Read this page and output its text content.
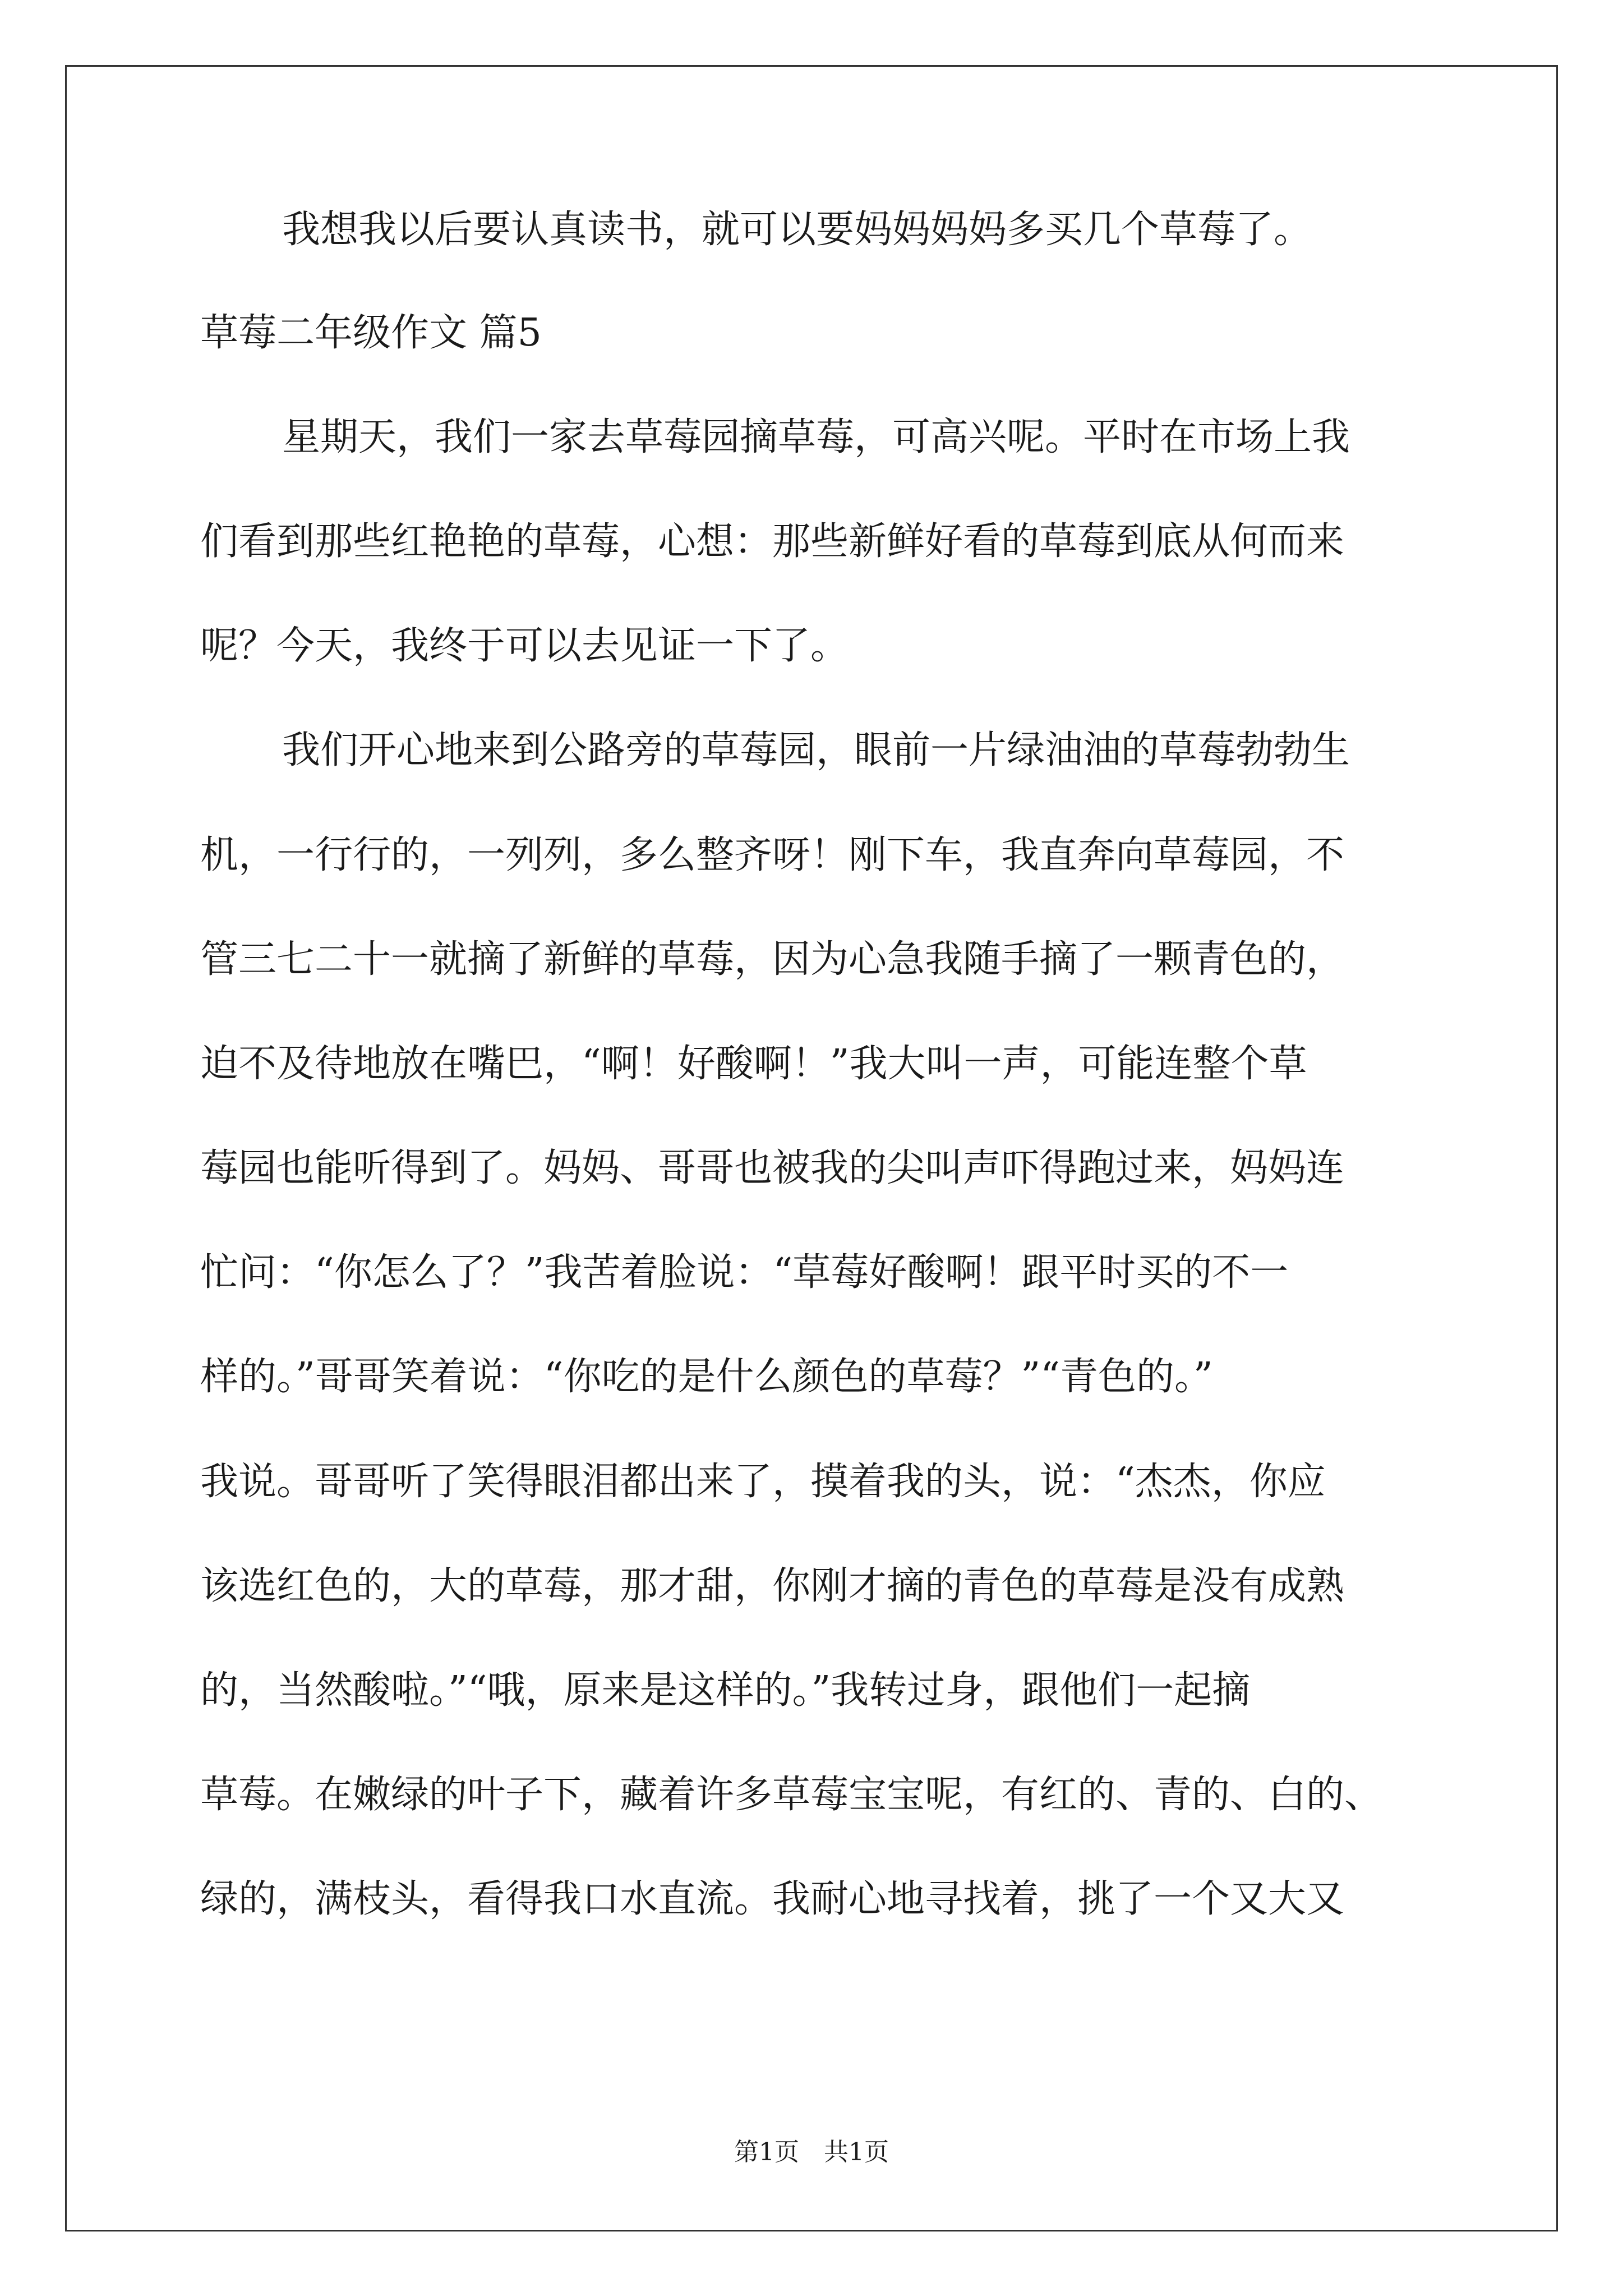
我想我以后要认真读书，就可以要妈妈妈妈多买几个草莓了。
草莓二年级作文 篇5
星期天，我们一家去草莓园摘草莓，可高兴呢。平时在市场上我
们看到那些红艳艳的草莓，心想：那些新鲜好看的草莓到底从何而来
呢？今天，我终于可以去见证一下了。
我们开心地来到公路旁的草莓园，眼前一片绿油油的草莓勃勃生
机，一行行的，一列列，多么整齐呀！刚下车，我直奔向草莓园，不
管三七二十一就摘了新鲜的草莓，因为心急我随手摘了一颗青色的，
迫不及待地放在嘴巴，“啊！好酸啊！”我大叫一声，可能连整个草
莓园也能听得到了。妈妈、哥哥也被我的尖叫声吓得跑过来，妈妈连
忙问：“你怎么了？”我苦着脸说：“草莓好酸啊！跟平时买的不一
样的。”哥哥笑着说：“你吃的是什么颜色的草莓？”“青色的。”
我说。哥哥听了笑得眼泪都出来了，摸着我的头，说：“杰杰，你应
该选红色的，大的草莓，那才甜，你刚才摘的青色的草莓是没有成熟
的，当然酸啦。”“哦，原来是这样的。”我转过身，跟他们一起摘
草莓。在嫩绿的叶子下，藏着许多草莓宝宝呢，有红的、青的、白的、
绿的，满枝头，看得我口水直流。我耐心地寻找着，挑了一个又大又
第1页　共1页
